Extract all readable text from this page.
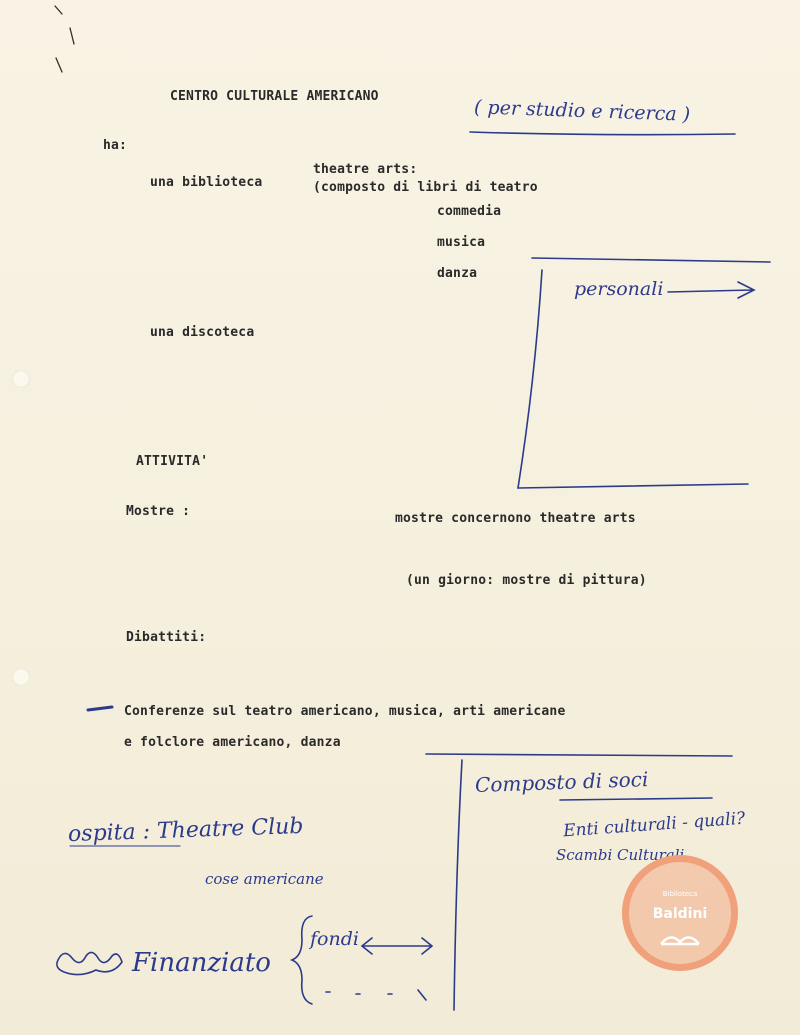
CENTRO CULTURALE AMERICANO
ha:
una biblioteca
theatre arts:
(composto di libri di teatro
commedia
musica
danza
una discoteca
ATTIVITA'
Mostre :	mostre concernono theatre arts
(un giorno: mostre di pittura)
Dibattiti:
Conferenze sul teatro americano, musica, arti americane
e folclore americano, danza
( per studio e ricerca )
personali
Composto di soci
Enti culturali - quali?
Scambi Culturali
ospita : Theatre Club
cose americane
Finanziato
fondi
Biblioteca
Baldini
